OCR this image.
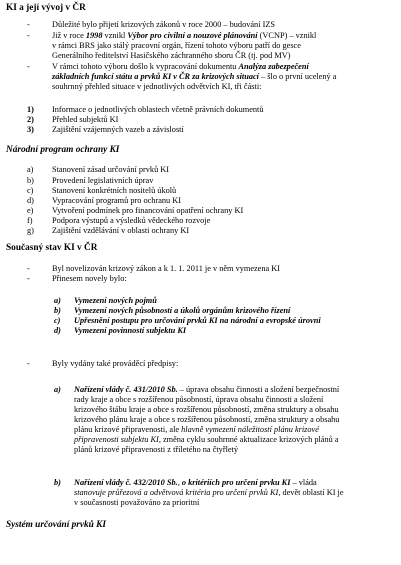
KI a její vývoj v ČR
-	Důležité bylo přijetí krizových zákonů v roce 2000 – budování IZS
-	Již v roce 1998 vznikl Výbor pro civilní a nouzové plánování (VCNP) – vznikl
v rámci BRS jako stálý pracovní orgán, řízení tohoto výboru patří do gesce
Generálního ředitelství Hasičského záchranného sboru ČR (tj. pod MV)
-	V rámci tohoto výboru došlo k vypracování dokumentu Analýza zabezpečení
základních funkcí státu a prvků KI v ČR za krizových situací – šlo o první ucelený a
souhrnný přehled situace v jednotlivých odvětvích KI, tři části:
1) Informace o jednotlivých oblastech včetně právních dokumentů
2) Přehled subjektů KI
3) Zajištění vzájemných vazeb a závislostí
Národní program ochrany KI
a) Stanovení zásad určování prvků KI
b) Provedení legislativních úprav
c) Stanovení konkrétních nositelů úkolů
d) Vypracování programů pro ochranu KI
e) Vytvoření podmínek pro financování opatření ochrany KI
f) Podpora výstupů a výsledků vědeckého rozvoje
g) Zajištění vzdělávání v oblasti ochrany KI
Současný stav KI v ČR
-	Byl novelizován krizový zákon a k 1. 1. 2011 je v něm vymezena KI
-	Přinesem novely bylo:
a) Vymezení nových pojmů
b) Vymezení nových působností a úkolů orgánům krizového řízení
c) Upřesnění postupu pro určování prvků KI na národní a evropské úrovni
d) Vymezení povinností subjektu KI
-	Byly vydány také prováděcí předpisy:
a) Nařízení vlády č. 431/2010 Sb. – úprava obsahu činnosti a složení bezpečnostní
rady kraje a obce s rozšířenou působností, úprava obsahu činnosti a složení
krizového štábu kraje a obce s rozšířenou působností, změna struktury a obsahu
krizového plánu kraje a obce s rozšířenou působností, změna struktury a obsahu
plánu krizové připravenosti, ale hlavně vymezení náležitostí plánu krizové
připravenosti subjektu KI, změna cyklu souhrnné aktualizace krizových plánů a
plánů krizové připravenosti z tříletého na čtyřletý
b) Nařízení vlády č. 432/2010 Sb., o kritériích pro určení prvku KI – vláda
stanovuje průřezová a odvětvová kritéria pro určení prvků KI, devět oblastí KI je
v současnosti považováno za prioritní
Systém určování prvků KI
